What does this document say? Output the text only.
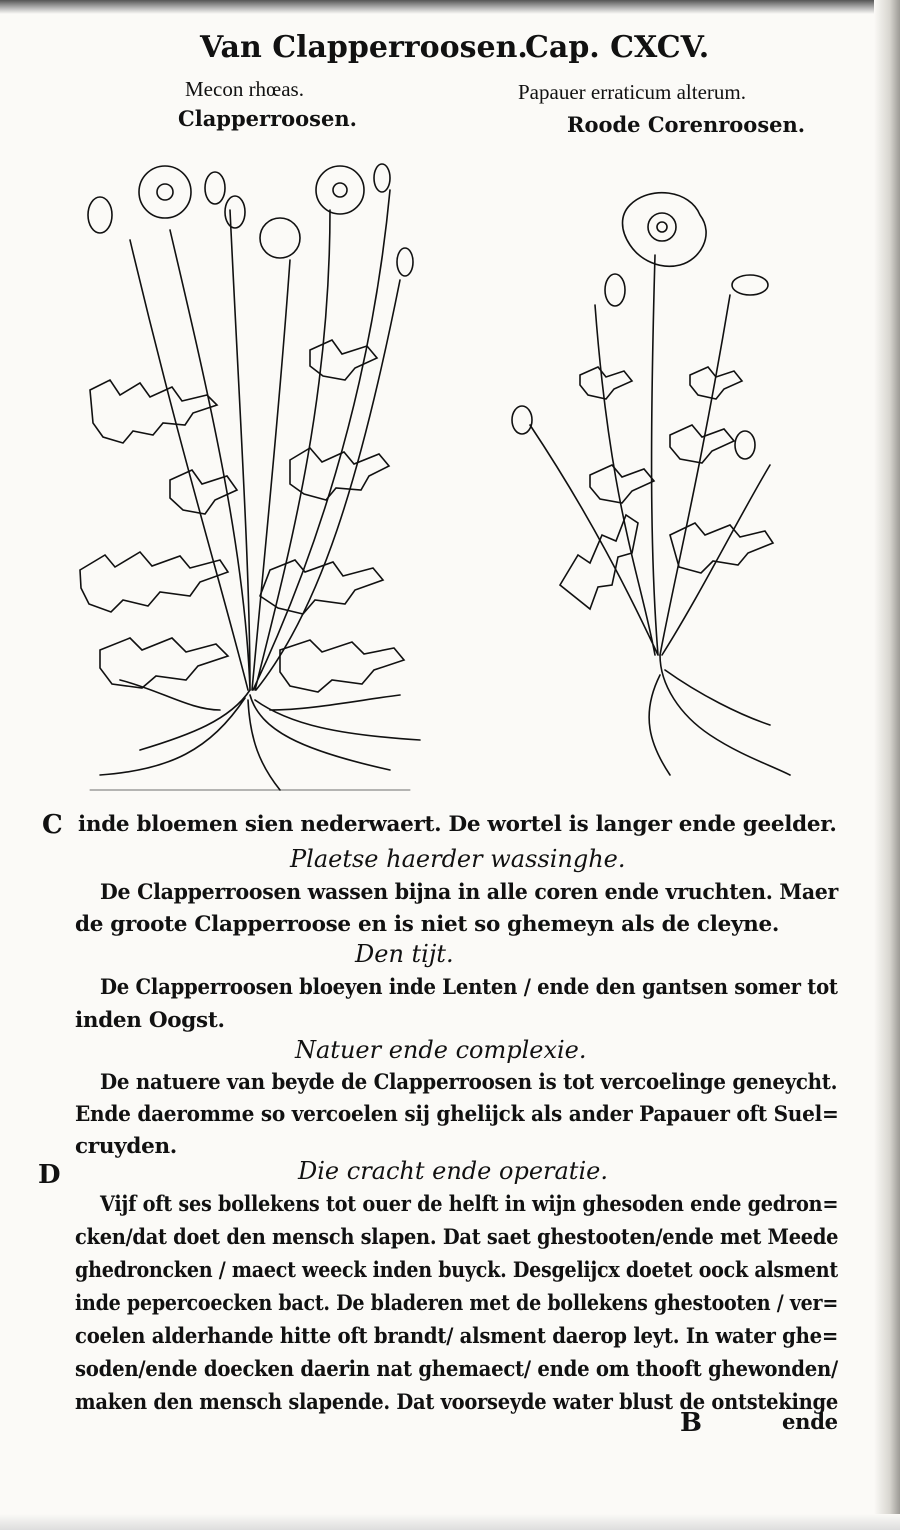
Van Clapperroosen.
Cap. CXCV.
Mecon rhœas.
Clapperroosen.
Papauer erraticum alterum.
Roode Corenroosen.
C
D
inde bloemen sien nederwaert. De wortel is langer ende geelder.
Plaetse haerder wassinghe.
De Clapperroosen wassen bijna in alle coren ende vruchten. Maer
de groote Clapperroose en is niet so ghemeyn als de cleyne.
Den tijt.
De Clapperroosen bloeyen inde Lenten / ende den gantsen somer tot
inden Oogst.
Natuer ende complexie.
De natuere van beyde de Clapperroosen is tot vercoelinge geneycht.
Ende daeromme so vercoelen sij ghelijck als ander Papauer oft Suel=
cruyden.
Die cracht ende operatie.
Vijf oft ses bollekens tot ouer de helft in wijn ghesoden ende gedron=
cken/dat doet den mensch slapen. Dat saet ghestooten/ende met Meede
ghedroncken / maect weeck inden buyck. Desgelijcx doetet oock alsment
inde pepercoecken bact. De bladeren met de bollekens ghestooten / ver=
coelen alderhande hitte oft brandt/ alsment daerop leyt. In water ghe=
soden/ende doecken daerin nat ghemaect/ ende om thooft ghewonden/
maken den mensch slapende. Dat voorseyde water blust de ontstekinge
B	ende
